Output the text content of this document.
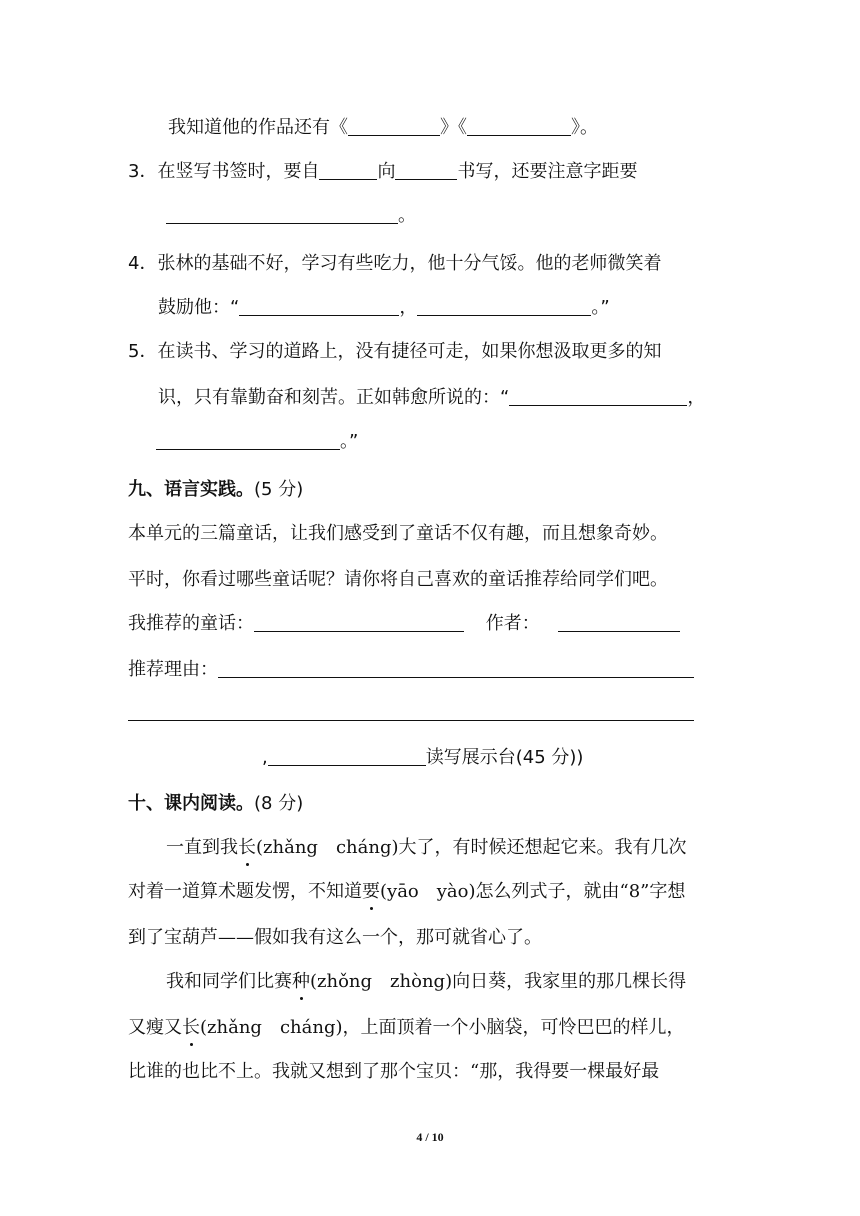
我知道他的作品还有《	》《	》。
3．在竖写书签时，要自	向	书写，还要注意字距要
。
4．张林的基础不好，学习有些吃力，他十分气馁。他的老师微笑着
鼓励他：“	，	。”
5．在读书、学习的道路上，没有捷径可走，如果你想汲取更多的知
识，只有靠勤奋和刻苦。正如韩愈所说的：“	，
。”
九、语言实践。(5 分)
本单元的三篇童话，让我们感受到了童话不仅有趣，而且想象奇妙。
平时，你看过哪些童话呢？请你将自己喜欢的童话推荐给同学们吧。
我推荐的童话：	作者：
推荐理由：
,	读写展示台(45 分))
十、课内阅读。(8 分)
一直到我长(zhǎng　cháng)大了，有时候还想起它来。我有几次
对着一道算术题发愣，不知道要(yāo　yào)怎么列式子，就由“8”字想
到了宝葫芦——假如我有这么一个，那可就省心了。
我和同学们比赛种(zhǒng　zhòng)向日葵，我家里的那几棵长得
又瘦又长(zhǎng　cháng)，上面顶着一个小脑袋，可怜巴巴的样儿，
比谁的也比不上。我就又想到了那个宝贝：“那，我得要一棵最好最
4 / 10
